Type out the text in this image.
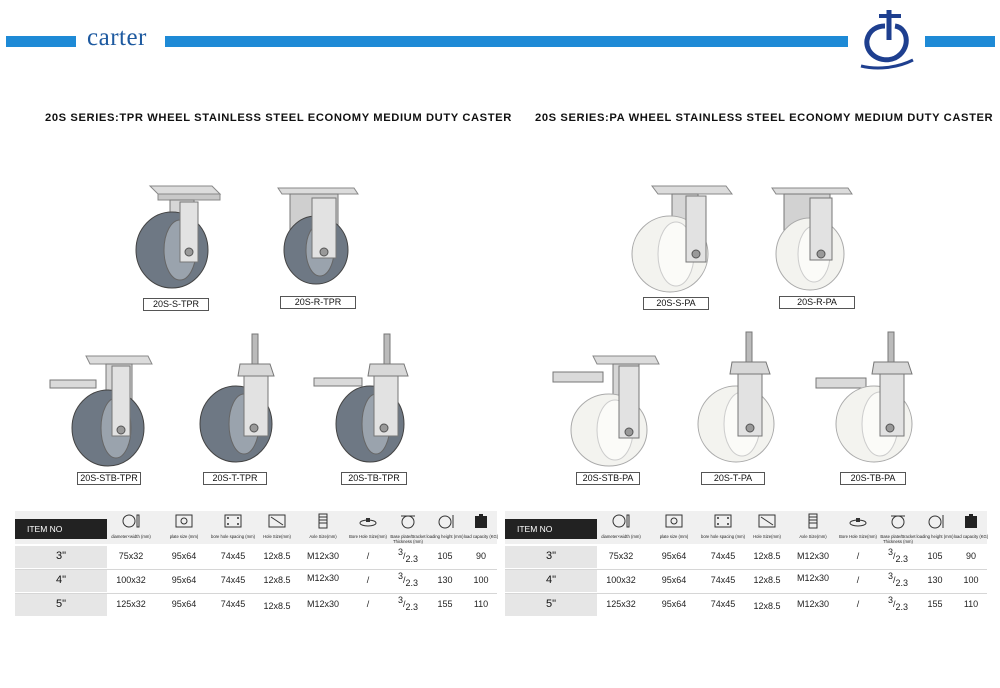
carter
20S SERIES:TPR WHEEL STAINLESS STEEL ECONOMY MEDIUM DUTY CASTER 20S SERIES:PA WHEEL STAINLESS STEEL ECONOMY MEDIUM DUTY CASTER
20S-S-TPR	20S-R-TPR
20S-STB-TPR	20S-T-TPR	20S-TB-TPR
20S-S-PA	20S-R-PA
20S-STB-PA	20S-T-PA	20S-TB-PA
ITEM NO
diameter×width (mm)	plate size (mm)	bore hole spacing (mm)	Hole Size(mm)	Axle Size(mm)	Bore Hole Size(mm) Base plate/Bracket Thickness (mm)
loading height (mm) load capacity (KG)
3"	75x32	95x64	74x45	12x8.5	M12x30	/	$^3/_{2.3}$	105	90
4"	100x32	95x64	74x45	12x8.5	M12x30	/	$^3/_{2.3}$	130	100
5"	125x32	95x64	74x45	12x8.5	M12x30	/	$^3/_{2.3}$	155	110
ITEM NO
diameter×width (mm)	plate size (mm)	bore hole spacing (mm)	Hole Size(mm)	Axle Size(mm)	Bore Hole Size(mm) Base plate/Bracket Thickness (mm)
loading height (mm) load capacity (KG)
3"	75x32	95x64	74x45	12x8.5	M12x30	/	$^3/_{2.3}$	105	90
4"	100x32	95x64	74x45	12x8.5	M12x30	/	$^3/_{2.3}$	130	100
5"	125x32	95x64	74x45	12x8.5	M12x30	/	$^3/_{2.3}$	155	110
